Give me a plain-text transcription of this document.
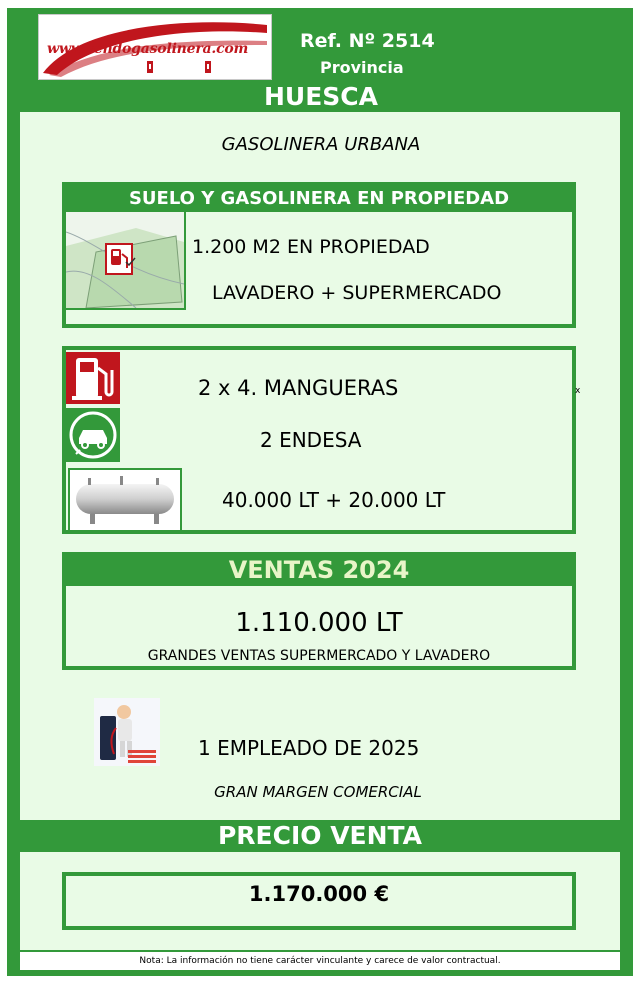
www.vendogasolinera.com	Ref. Nº 2514
Provincia
HUESCA
GASOLINERA URBANA
SUELO Y GASOLINERA EN PROPIEDAD
1.200 M2 EN PROPIEDAD
LAVADERO + SUPERMERCADO
2 x 4. MANGUERAS
2 ENDESA
40.000 LT + 20.000 LT
x
VENTAS 2024
1.110.000 LT
GRANDES VENTAS SUPERMERCADO Y LAVADERO
1 EMPLEADO DE 2025
GRAN MARGEN COMERCIAL
PRECIO VENTA
1.170.000 €
Nota: La información no tiene carácter vinculante y carece de valor contractual.
